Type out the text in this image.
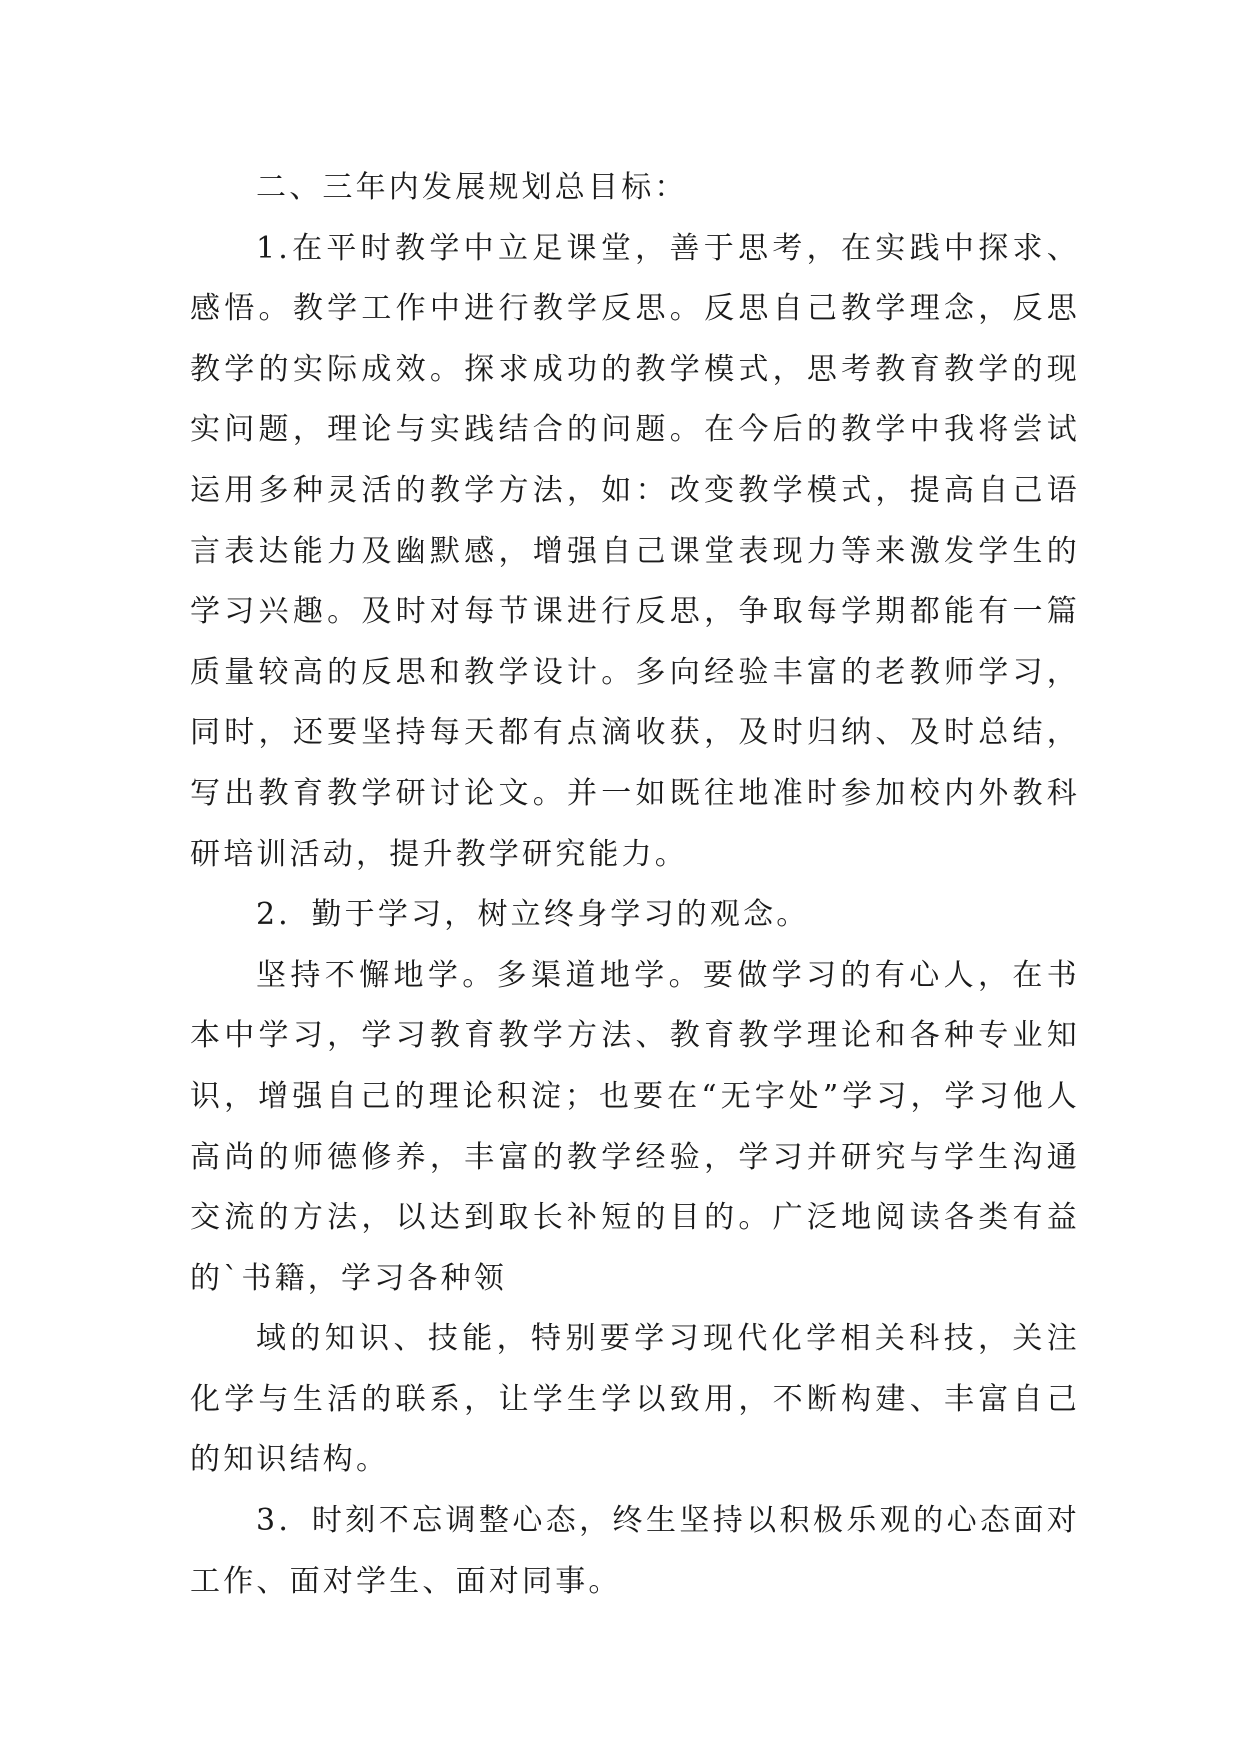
二、三年内发展规划总目标：

1.在平时教学中立足课堂，善于思考，在实践中探求、感悟。教学工作中进行教学反思。反思自己教学理念，反思教学的实际成效。探求成功的教学模式，思考教育教学的现实问题，理论与实践结合的问题。在今后的教学中我将尝试运用多种灵活的教学方法，如：改变教学模式，提高自己语言表达能力及幽默感，增强自己课堂表现力等来激发学生的学习兴趣。及时对每节课进行反思，争取每学期都能有一篇质量较高的反思和教学设计。多向经验丰富的老教师学习，同时，还要坚持每天都有点滴收获，及时归纳、及时总结，写出教育教学研讨论文。并一如既往地准时参加校内外教科研培训活动，提升教学研究能力。

2．勤于学习，树立终身学习的观念。

坚持不懈地学。多渠道地学。要做学习的有心人，在书本中学习，学习教育教学方法、教育教学理论和各种专业知识，增强自己的理论积淀；也要在“无字处”学习，学习他人高尚的师德修养，丰富的教学经验，学习并研究与学生沟通交流的方法，以达到取长补短的目的。广泛地阅读各类有益的`书籍，学习各种领

域的知识、技能，特别要学习现代化学相关科技，关注化学与生活的联系，让学生学以致用，不断构建、丰富自己的知识结构。

3．时刻不忘调整心态，终生坚持以积极乐观的心态面对工作、面对学生、面对同事。
